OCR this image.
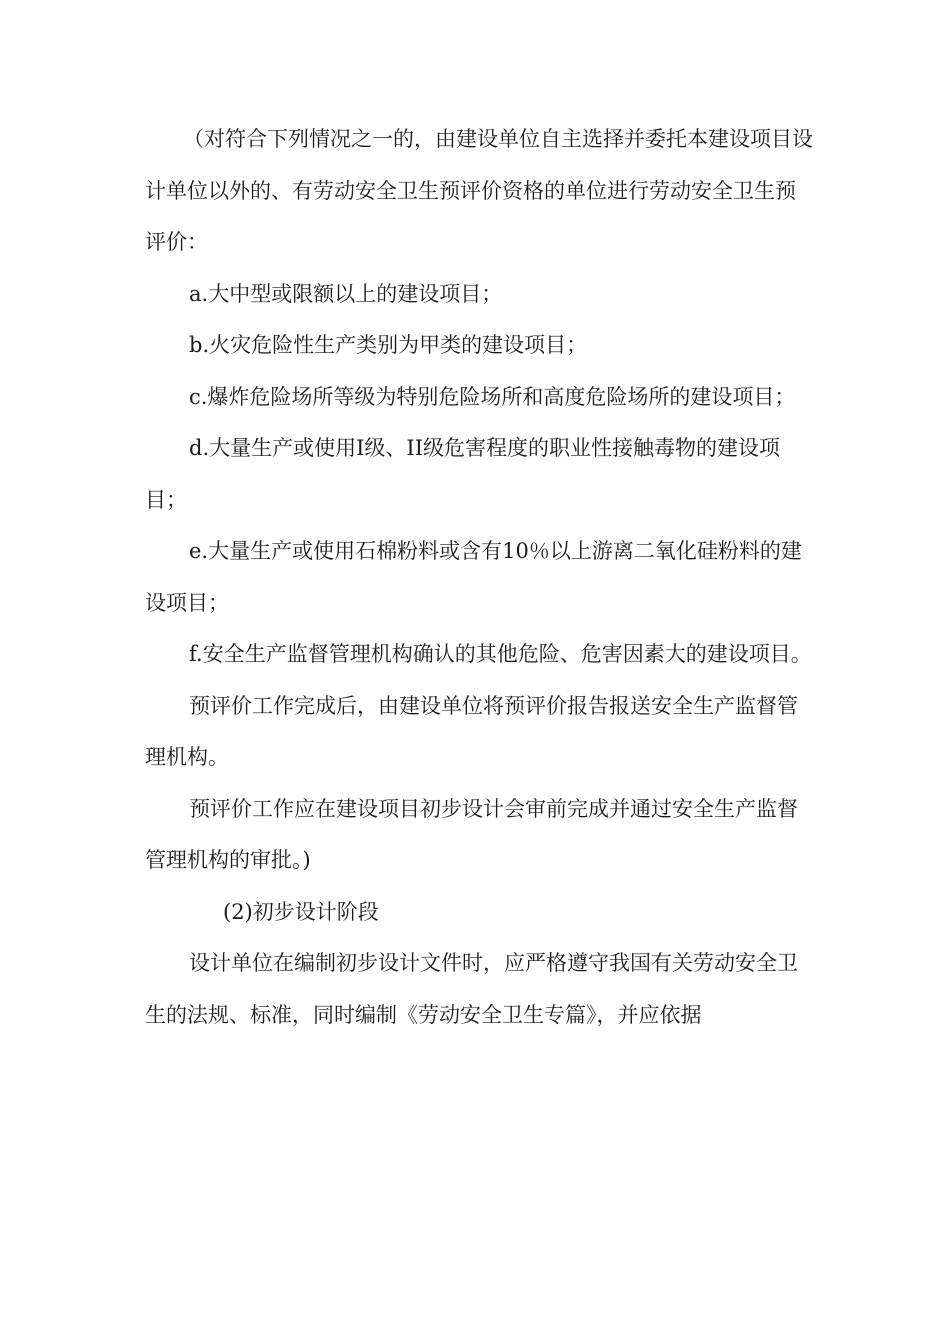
（对符合下列情况之一的，由建设单位自主选择并委托本建设项目设计单位以外的、有劳动安全卫生预评价资格的单位进行劳动安全卫生预评价：

a.大中型或限额以上的建设项目；

b.火灾危险性生产类别为甲类的建设项目；

c.爆炸危险场所等级为特别危险场所和高度危险场所的建设项目；

d.大量生产或使用I级、II级危害程度的职业性接触毒物的建设项目；

e.大量生产或使用石棉粉料或含有10％以上游离二氧化硅粉料的建设项目；

f.安全生产监督管理机构确认的其他危险、危害因素大的建设项目。

预评价工作完成后，由建设单位将预评价报告报送安全生产监督管理机构。

预评价工作应在建设项目初步设计会审前完成并通过安全生产监督管理机构的审批。)

(2)初步设计阶段

设计单位在编制初步设计文件时，应严格遵守我国有关劳动安全卫生的法规、标准，同时编制《劳动安全卫生专篇》，并应依据
